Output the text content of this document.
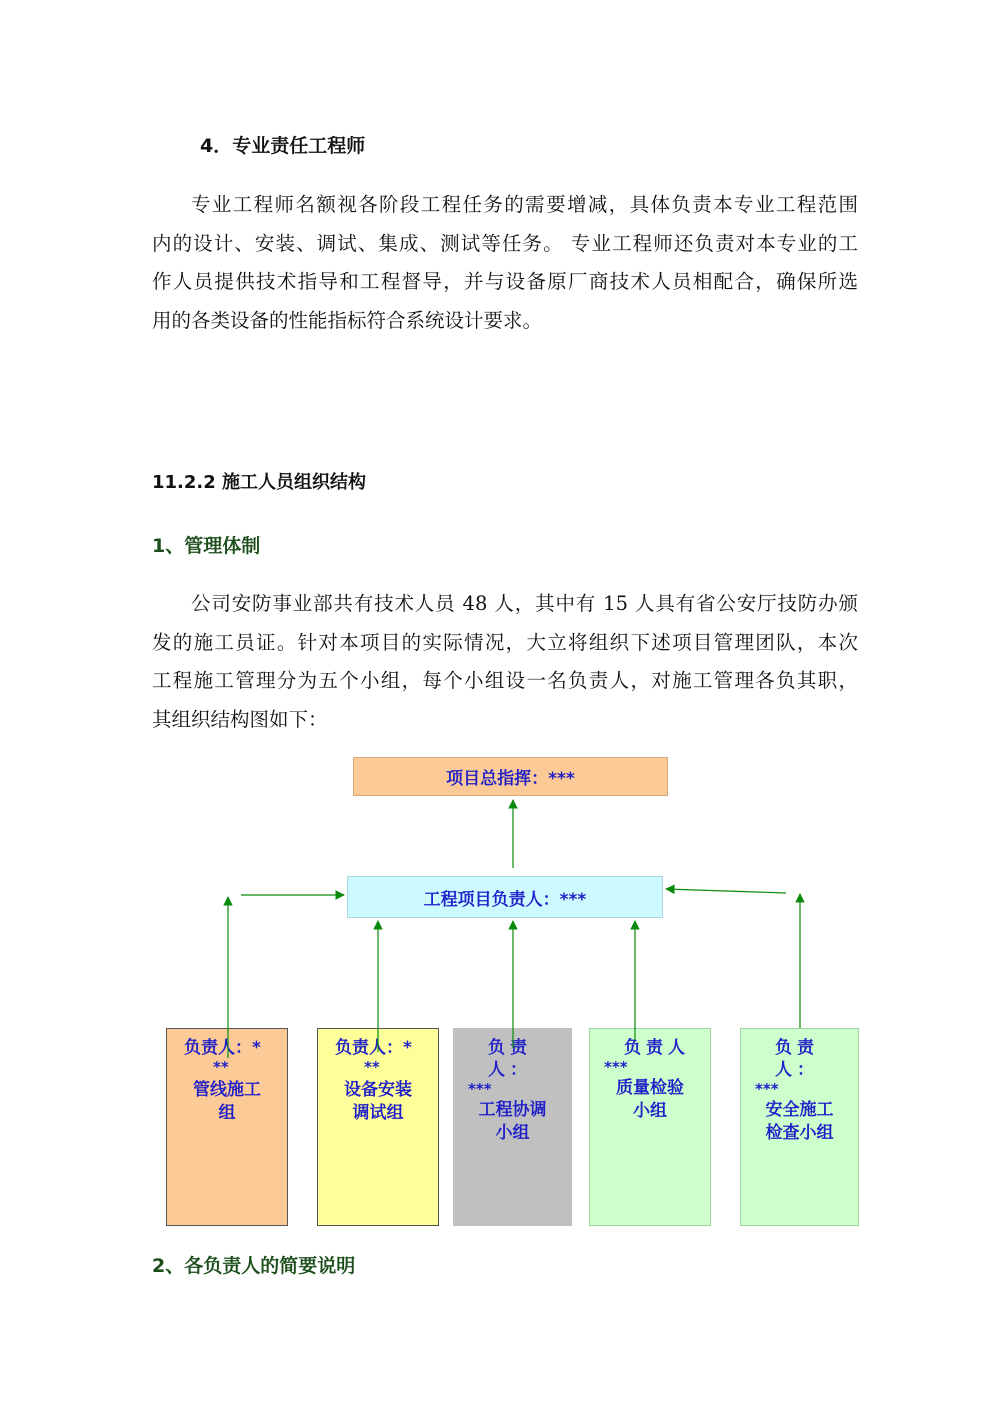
4．专业责任工程师
专业工程师名额视各阶段工程任务的需要增减，具体负责本专业工程范围
内的设计、安装、调试、集成、测试等任务。 专业工程师还负责对本专业的工
作人员提供技术指导和工程督导，并与设备原厂商技术人员相配合，确保所选
用的各类设备的性能指标符合系统设计要求。
11.2.2 施工人员组织结构
1、管理体制
公司安防事业部共有技术人员 48 人，其中有 15 人具有省公安厅技防办颁
发的施工员证。针对本项目的实际情况，大立将组织下述项目管理团队，本次
工程施工管理分为五个小组，每个小组设一名负责人，对施工管理各负其职，
其组织结构图如下：
项目总指挥：***
工程项目负责人：***
负责人：*
**
管线施工
组
负责人：*
**
设备安装
调试组
负责人：
***
工程协调
小组
负责人
***
质量检验
小组
负责人：
***
安全施工
检查小组
2、各负责人的简要说明
